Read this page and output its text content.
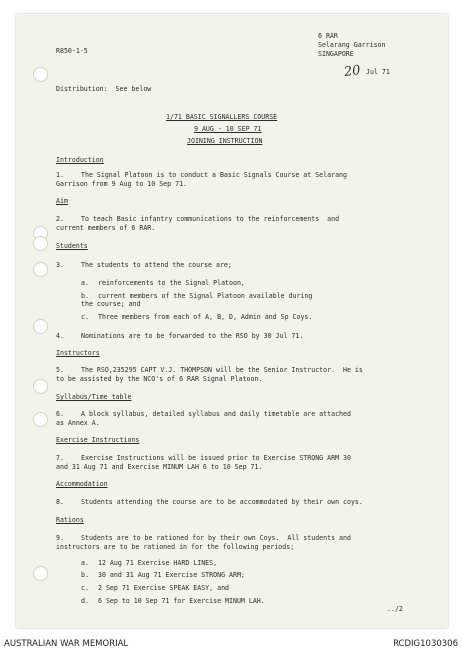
R850-1-5
6 RAR
Selarang Garrison
SINGAPORE
20 Jul 71
Distribution:  See below
1/71 BASIC SIGNALLERS COURSE
9 AUG - 10 SEP 71
JOINING INSTRUCTION
Introduction
1.	The Signal Platoon is to conduct a Basic Signals Course at Selarang
Garrison from 9 Aug to 10 Sep 71.
Aim
2.	To teach Basic infantry communications to the reinforcements  and
current members of 6 RAR.
Students
3.	The students to attend the course are;
a. reinforcements to the Signal Platoon,
b. current members of the Signal Platoon available during
the course; and
c. Three members from each of A, B, D, Admin and Sp Coys.
4.	Nominations are to be forwarded to the RSO by 30 Jul 71.
Instructors
5.	The RSO,235295 CAPT V.J. THOMPSON will be the Senior Instructor.  He is
to be assisted by the NCO's of 6 RAR Signal Platoon.
Syllabus/Time table
6.	A block syllabus, detailed syllabus and daily timetable are attached
as Annex A.
Exercise Instructions
7.	Exercise Instructions will be issued prior to Exercise STRONG ARM 30
and 31 Aug 71 and Exercise MINUM LAH 6 to 10 Sep 71.
Accommodation
8.	Students attending the course are to be accommodated by their own coys.
Rations
9.	Students are to be rationed for by their own Coys.  All students and
instructors are to be rationed in for the following periods;
a. 12 Aug 71 Exercise HARD LINES,
b. 30 and 31 Aug 71 Exercise STRONG ARM;
c. 2 Sep 71 Exercise SPEAK EASY, and
d. 6 Sep to 10 Sep 71 for Exercise MINUM LAH.
../2
AUSTRALIAN WAR MEMORIAL	RCDIG1030306
